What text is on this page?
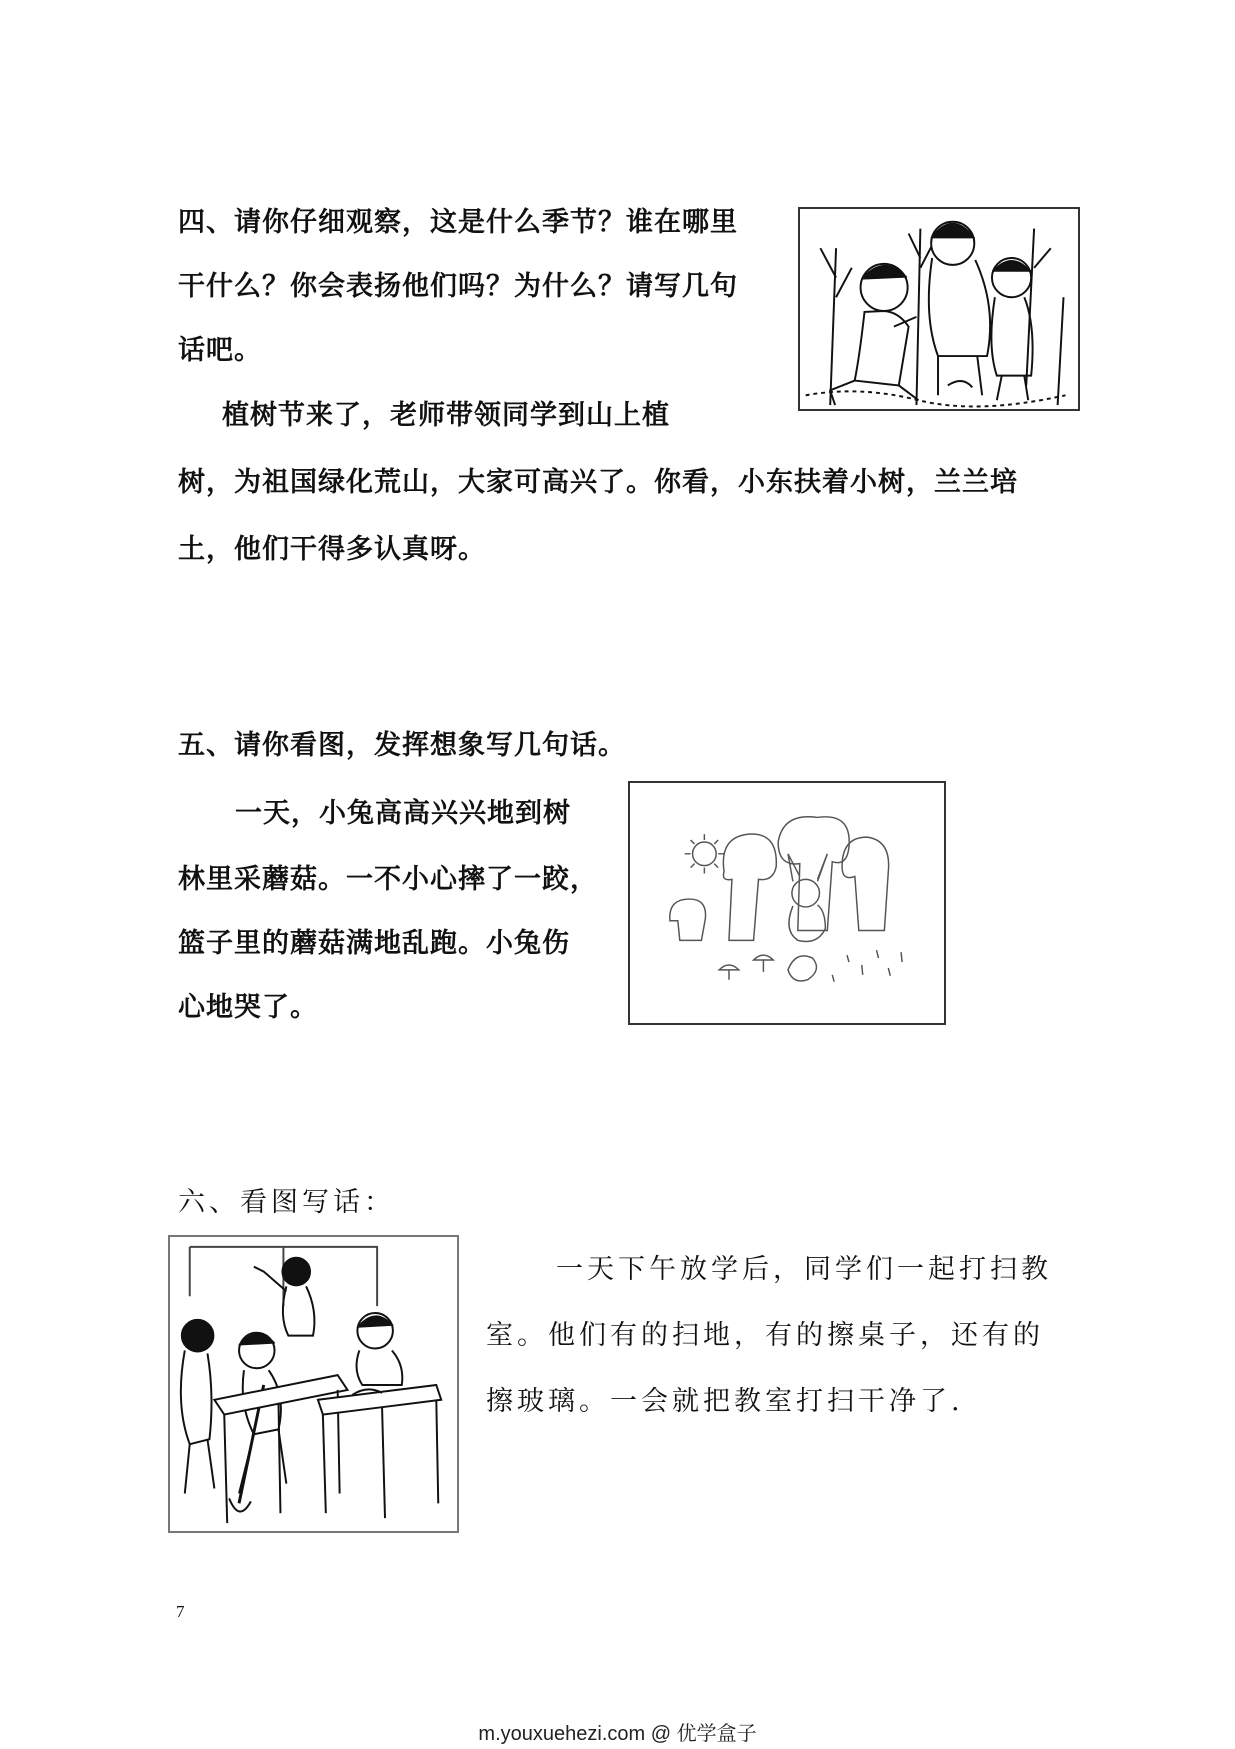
四、请你仔细观察，这是什么季节？谁在哪里
干什么？你会表扬他们吗？为什么？请写几句
话吧。
植树节来了，老师带领同学到山上植
树，为祖国绿化荒山，大家可高兴了。你看，小东扶着小树，兰兰培
土，他们干得多认真呀。
五、请你看图，发挥想象写几句话。
一天，小兔高高兴兴地到树
林里采蘑菇。一不小心摔了一跤，
篮子里的蘑菇满地乱跑。小兔伤
心地哭了。
六、看图写话：
一天下午放学后，同学们一起打扫教
室。他们有的扫地，有的擦桌子，还有的
擦玻璃。一会就把教室打扫干净了.
7
m.youxuehezi.com @ 优学盒子
